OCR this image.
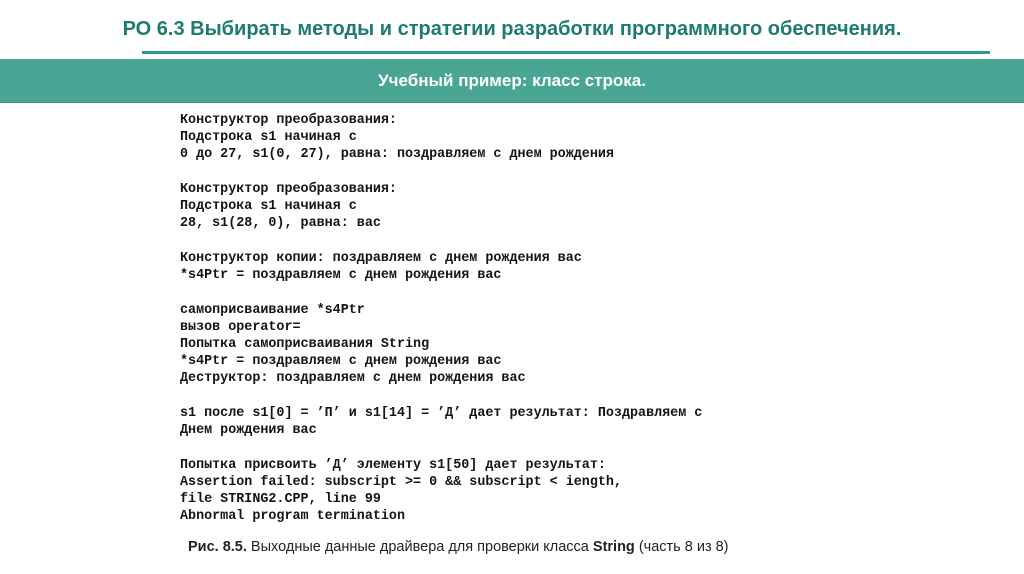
РО 6.3 Выбирать методы и стратегии разработки программного обеспечения.
Учебный пример: класс строка.
Конструктор преобразования:
Подстрока s1 начиная с
0 до 27, s1(0, 27), равна: поздравляем с днем рождения
Конструктор преобразования:
Подстрока s1 начиная с
28, s1(28, 0), равна: вас
Конструктор копии: поздравляем с днем рождения вас
*s4Ptr = поздравляем с днем рождения вас
самоприсваивание *s4Ptr
вызов operator=
Попытка самоприсваивания String
*s4Ptr = поздравляем с днем рождения вас
Деструктор: поздравляем с днем рождения вас
s1 после s1[0] = ’П’ и s1[14] = ’Д’ дает результат: Поздравляем с
Днем рождения вас
Попытка присвоить ’Д’ элементу s1[50] дает результат:
Assertion failed: subscript >= 0 && subscript < iength,
file STRING2.CPP, line 99
Abnormal program termination
Рис. 8.5. Выходные данные драйвера для проверки класса String (часть 8 из 8)
